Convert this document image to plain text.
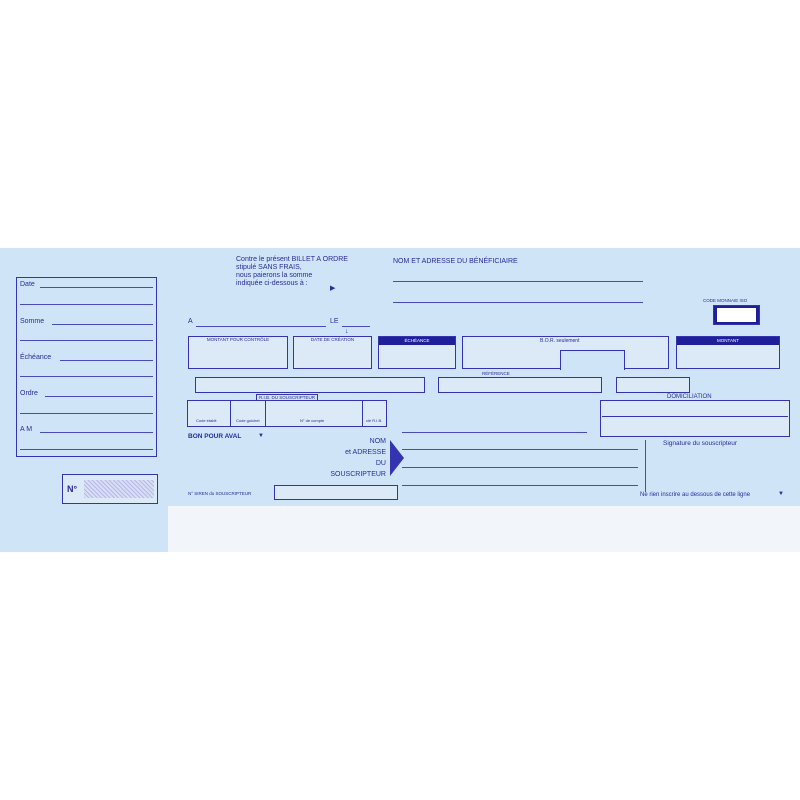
Date
Somme
Échéance
Ordre
A M
N°
Contre le présent BILLET A ORDRE
stipulé SANS FRAIS,
nous paierons la somme
indiquée ci-dessous à :
▶
NOM ET ADRESSE DU BÉNÉFICIAIRE
CODE MONNAIE ISO
A	LE
↓
MONTANT POUR CONTRÔLE	DATE DE CRÉATION	ÉCHÉANCE	B.O.R. seulement	MONTANT
RÉFÉRENCE
R.I.B. DU SOUSCRIPTEUR
Code établt	Code guichet	N° de compte	clé R.I.B.
DOMICILIATION
BON POUR AVAL	▼
NOM
et ADRESSE
DU
SOUSCRIPTEUR
Signature du souscripteur
N° SIREN du SOUSCRIPTEUR	Ne rien inscrire au dessous de cette ligne	▼
